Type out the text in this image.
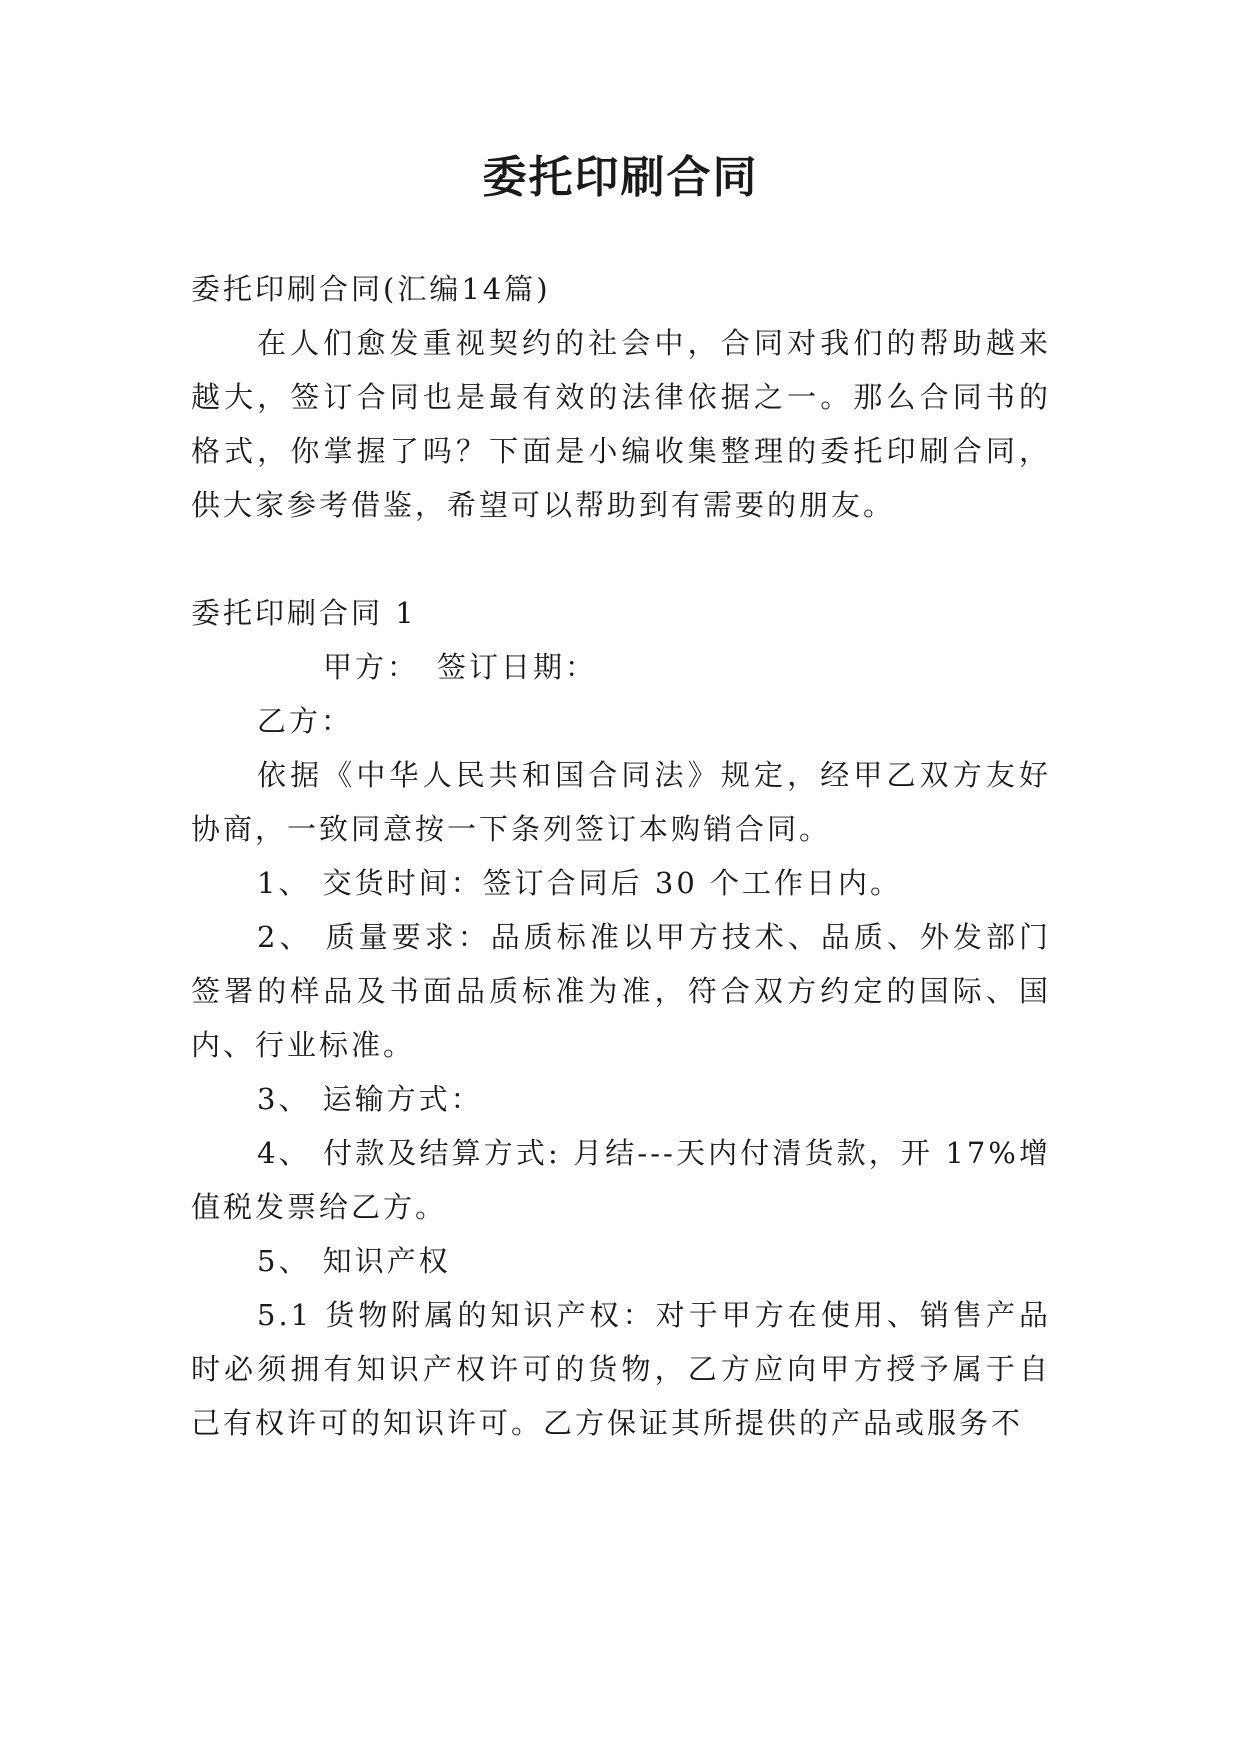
委托印刷合同

委托印刷合同(汇编14篇)

在人们愈发重视契约的社会中，合同对我们的帮助越来越大，签订合同也是最有效的法律依据之一。那么合同书的格式，你掌握了吗？下面是小编收集整理的委托印刷合同，供大家参考借鉴，希望可以帮助到有需要的朋友。

委托印刷合同 1

甲方： 签订日期：

乙方：

依据《中华人民共和国合同法》规定，经甲乙双方友好协商，一致同意按一下条列签订本购销合同。

1、 交货时间：签订合同后 30 个工作日内。

2、 质量要求：品质标准以甲方技术、品质、外发部门签署的样品及书面品质标准为准，符合双方约定的国际、国内、行业标准。

3、 运输方式：

4、 付款及结算方式: 月结---天内付清货款，开 17%增值税发票给乙方。

5、 知识产权

5.1 货物附属的知识产权：对于甲方在使用、销售产品时必须拥有知识产权许可的货物，乙方应向甲方授予属于自己有权许可的知识许可。乙方保证其所提供的产品或服务不
